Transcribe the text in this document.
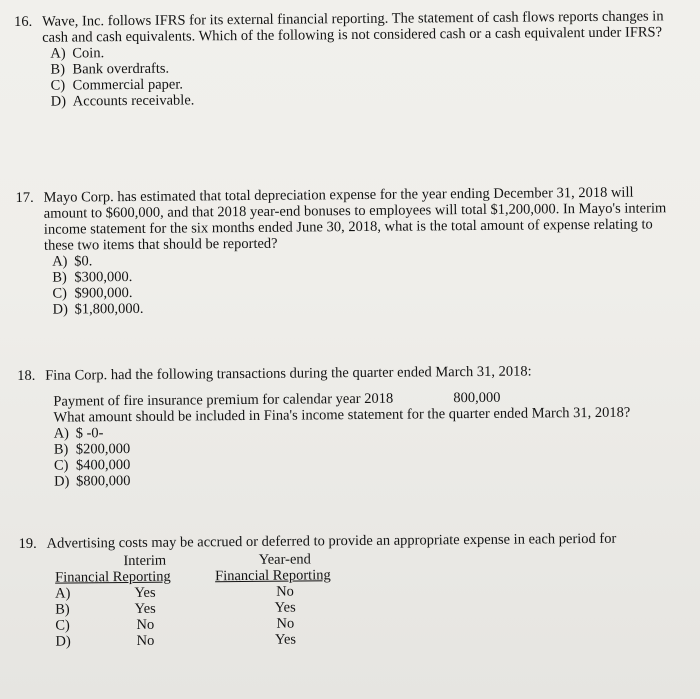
16. Wave, Inc. follows IFRS for its external financial reporting. The statement of cash flows reports changes in cash and cash equivalents. Which of the following is not considered cash or a cash equivalent under IFRS?
A) Coin.
B) Bank overdrafts.
C) Commercial paper.
D) Accounts receivable.
17. Mayo Corp. has estimated that total depreciation expense for the year ending December 31, 2018 will amount to $600,000, and that 2018 year-end bonuses to employees will total $1,200,000. In Mayo's interim income statement for the six months ended June 30, 2018, what is the total amount of expense relating to these two items that should be reported?
A) $0.
B) $300,000.
C) $900,000.
D) $1,800,000.
18. Fina Corp. had the following transactions during the quarter ended March 31, 2018:
Payment of fire insurance premium for calendar year 2018	800,000
What amount should be included in Fina's income statement for the quarter ended March 31, 2018?
A) $ -0-
B) $200,000
C) $400,000
D) $800,000
19. Advertising costs may be accrued or deferred to provide an appropriate expense in each period for
Interim	Year-end
Financial Reporting	Financial Reporting
A)	Yes	No
B)	Yes	Yes
C)	No	No
D)	No	Yes
